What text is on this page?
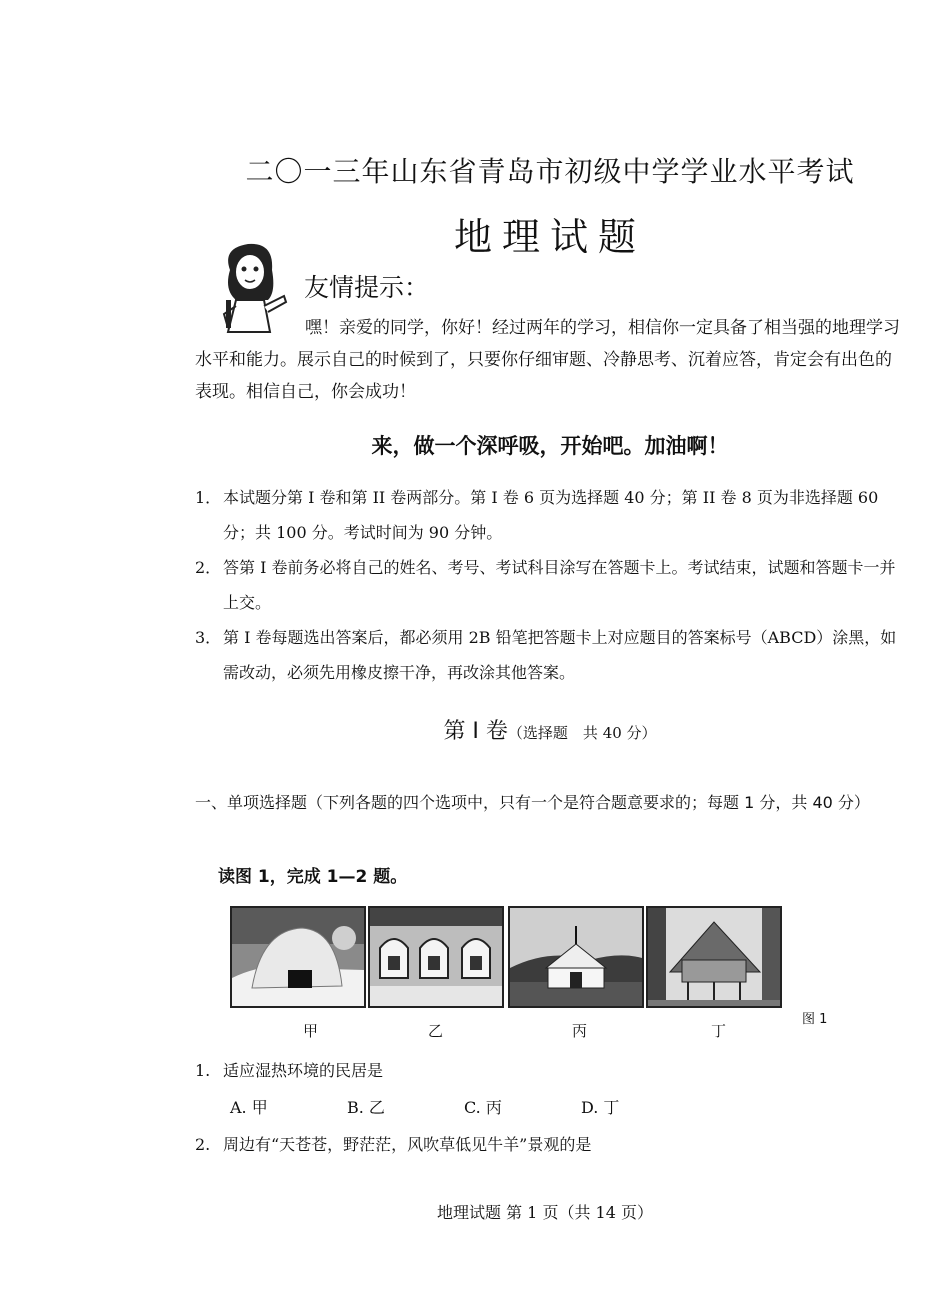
二〇一三年山东省青岛市初级中学学业水平考试
地理试题
友情提示：
嘿！亲爱的同学，你好！经过两年的学习，相信你一定具备了相当强的地理学习水平和能力。展示自己的时候到了，只要你仔细审题、冷静思考、沉着应答，肯定会有出色的表现。相信自己，你会成功！
来，做一个深呼吸，开始吧。加油啊！
1． 本试题分第 I 卷和第 II 卷两部分。第 I 卷 6 页为选择题 40 分；第 II 卷 8 页为非选择题 60 分；共 100 分。考试时间为 90 分钟。
2． 答第 I 卷前务必将自己的姓名、考号、考试科目涂写在答题卡上。考试结束，试题和答题卡一并上交。
3． 第 I 卷每题选出答案后，都必须用 2B 铅笔把答题卡上对应题目的答案标号（ABCD）涂黑，如需改动，必须先用橡皮擦干净，再改涂其他答案。
第 Ⅰ 卷（选择题　共 40 分）
一、单项选择题（下列各题的四个选项中，只有一个是符合题意要求的；每题 1 分，共 40 分）
读图 1，完成 1—2 题。
甲	乙	丙	丁
图 1
1. 适应湿热环境的民居是
A. 甲	B. 乙	C. 丙	D. 丁
2. 周边有“天苍苍，野茫茫，风吹草低见牛羊”景观的是
地理试题 第 1 页（共 14 页）
